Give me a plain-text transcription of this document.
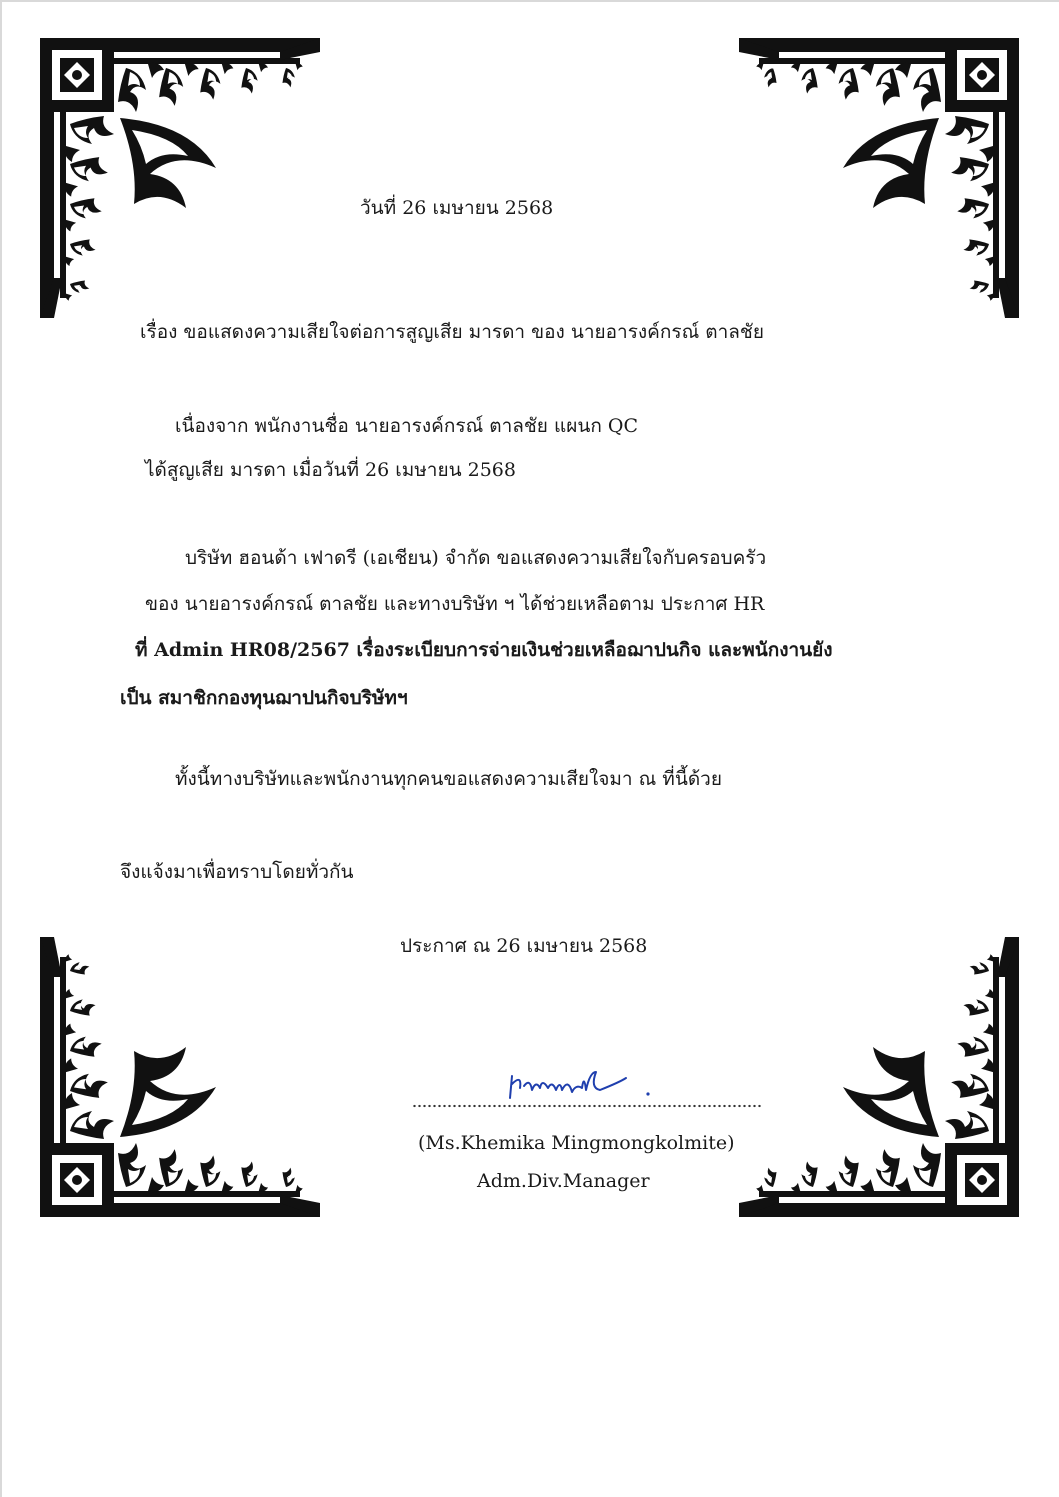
วันที่ 26 เมษายน 2568
เรื่อง ขอแสดงความเสียใจต่อการสูญเสีย มารดา ของ นายอารงค์กรณ์ ตาลชัย
เนื่องจาก พนักงานชื่อ นายอารงค์กรณ์ ตาลชัย แผนก QC
ได้สูญเสีย มารดา เมื่อวันที่ 26 เมษายน 2568
บริษัท ฮอนด้า เฟาดรี (เอเชียน) จำกัด ขอแสดงความเสียใจกับครอบครัว
ของ นายอารงค์กรณ์ ตาลชัย และทางบริษัท ฯ ได้ช่วยเหลือตาม ประกาศ HR
ที่ Admin HR08/2567 เรื่องระเบียบการจ่ายเงินช่วยเหลือฌาปนกิจ และพนักงานยัง
เป็น สมาชิกกองทุนฌาปนกิจบริษัทฯ
ทั้งนี้ทางบริษัทและพนักงานทุกคนขอแสดงความเสียใจมา ณ ที่นี้ด้วย
จึงแจ้งมาเพื่อทราบโดยทั่วกัน
ประกาศ ณ 26 เมษายน 2568
(Ms.Khemika Mingmongkolmite)
Adm.Div.Manager
